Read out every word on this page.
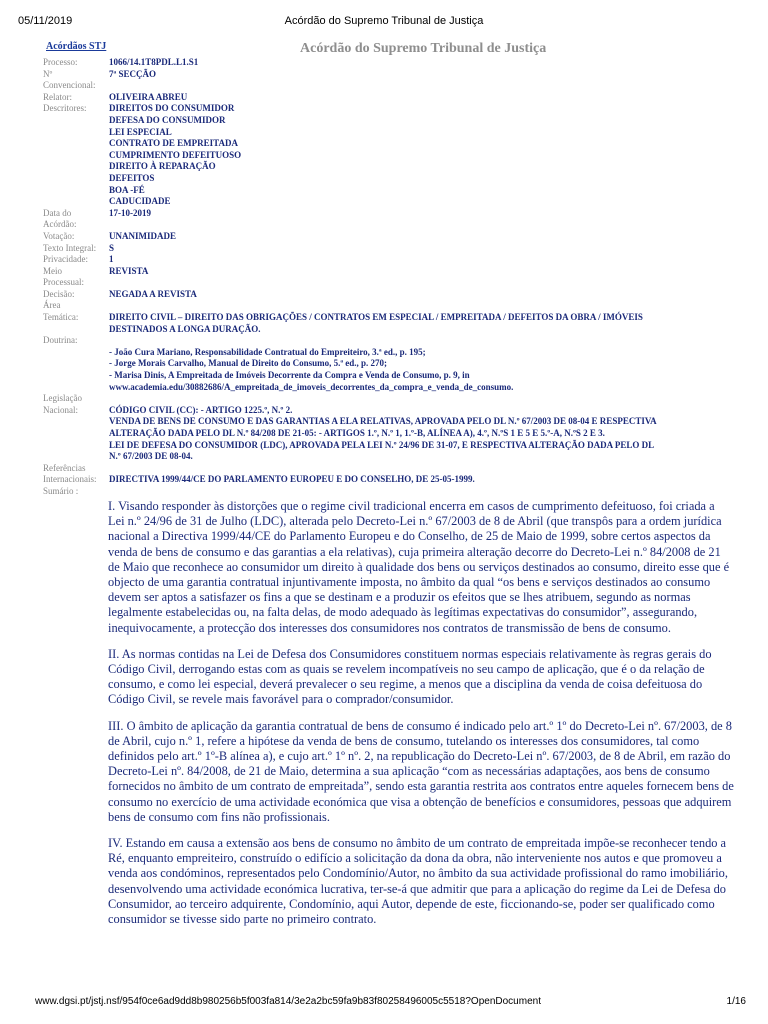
05/11/2019	Acórdão do Supremo Tribunal de Justiça
Acórdãos STJ	Acórdão do Supremo Tribunal de Justiça
Processo:	1066/14.1T8PDL.L1.S1
Nº	7ª SECÇÃO
Convencional:
Relator:	OLIVEIRA ABREU
Descritores:	DIREITOS DO CONSUMIDOR
DEFESA DO CONSUMIDOR
LEI ESPECIAL
CONTRATO DE EMPREITADA
CUMPRIMENTO DEFEITUOSO
DIREITO À REPARAÇÃO
DEFEITOS
BOA -FÉ
CADUCIDADE
Data do	17-10-2019
Acórdão:
Votação:	UNANIMIDADE
Texto Integral:	S
Privacidade:	1
Meio	REVISTA
Processual:
Decisão:	NEGADA A REVISTA
Área
Temática:	DIREITO CIVIL – DIREITO DAS OBRIGAÇÕES / CONTRATOS EM ESPECIAL / EMPREITADA / DEFEITOS DA OBRA / IMÓVEIS
DESTINADOS A LONGA DURAÇÃO.
Doutrina:

- João Cura Mariano, Responsabilidade Contratual do Empreiteiro, 3.ª ed., p. 195;
- Jorge Morais Carvalho, Manual de Direito do Consumo, 5.ª ed., p. 270;
- Marisa Dinis, A Empreitada de Imóveis Decorrente da Compra e Venda de Consumo, p. 9, in
www.academia.edu/30882686/A_empreitada_de_imoveis_decorrentes_da_compra_e_venda_de_consumo.
Legislação
Nacional:	CÓDIGO CIVIL (CC): - ARTIGO 1225.º, N.º 2.
VENDA DE BENS DE CONSUMO E DAS GARANTIAS A ELA RELATIVAS, APROVADA PELO DL N.º 67/2003 DE 08-04 E RESPECTIVA
ALTERAÇÃO DADA PELO DL N.º 84/208 DE 21-05: - ARTIGOS 1.º, N.º 1, 1.º-B, ALÍNEA A), 4.º, N.ºS 1 E 5 E 5.º-A, N.ºS 2 E 3.
LEI DE DEFESA DO CONSUMIDOR (LDC), APROVADA PELA LEI N.º 24/96 DE 31-07, E RESPECTIVA ALTERAÇÃO DADA PELO DL
N.º 67/2003 DE 08-04.
Referências
Internacionais:	DIRECTIVA 1999/44/CE DO PARLAMENTO EUROPEU E DO CONSELHO, DE 25-05-1999.
Sumário :

I. Visando responder às distorções que o regime civil tradicional encerra em casos de cumprimento defeituoso, foi criada a Lei n.º 24/96 de 31 de Julho (LDC), alterada pelo Decreto-Lei n.º 67/2003 de 8 de Abril (que transpôs para a ordem jurídica nacional a Directiva 1999/44/CE do Parlamento Europeu e do Conselho, de 25 de Maio de 1999, sobre certos aspectos da venda de bens de consumo e das garantias a ela relativas), cuja primeira alteração decorre do Decreto-Lei n.º 84/2008 de 21 de Maio que reconhece ao consumidor um direito à qualidade dos bens ou serviços destinados ao consumo, direito esse que é objecto de uma garantia contratual injuntivamente imposta, no âmbito da qual “os bens e serviços destinados ao consumo devem ser aptos a satisfazer os fins a que se destinam e a produzir os efeitos que se lhes atribuem, segundo as normas legalmente estabelecidas ou, na falta delas, de modo adequado às legítimas expectativas do consumidor”, assegurando, inequivocamente, a protecção dos interesses dos consumidores nos contratos de transmissão de bens de consumo.

II. As normas contidas na Lei de Defesa dos Consumidores constituem normas especiais relativamente às regras gerais do Código Civil, derrogando estas com as quais se revelem incompatíveis no seu campo de aplicação, que é o da relação de consumo, e como lei especial, deverá prevalecer o seu regime, a menos que a disciplina da venda de coisa defeituosa do Código Civil, se revele mais favorável para o comprador/consumidor.

III. O âmbito de aplicação da garantia contratual de bens de consumo é indicado pelo art.º 1º do Decreto-Lei nº. 67/2003, de 8 de Abril, cujo n.º 1, refere a hipótese da venda de bens de consumo, tutelando os interesses dos consumidores, tal como definidos pelo art.º 1º-B alínea a), e cujo art.º 1º nº. 2, na republicação do Decreto-Lei nº. 67/2003, de 8 de Abril, em razão do Decreto-Lei nº. 84/2008, de 21 de Maio, determina a sua aplicação “com as necessárias adaptações, aos bens de consumo fornecidos no âmbito de um contrato de empreitada”, sendo esta garantia restrita aos contratos entre aqueles fornecem bens de consumo no exercício de uma actividade económica que visa a obtenção de benefícios e consumidores, pessoas que adquirem bens de consumo com fins não profissionais.

IV. Estando em causa a extensão aos bens de consumo no âmbito de um contrato de empreitada impõe-se reconhecer tendo a Ré, enquanto empreiteiro, construído o edifício a solicitação da dona da obra, não interveniente nos autos e que promoveu a venda aos condóminos, representados pelo Condomínio/Autor, no âmbito da sua actividade profissional do ramo imobiliário, desenvolvendo uma actividade económica lucrativa, ter-se-á que admitir que para a aplicação do regime da Lei de Defesa do Consumidor, ao terceiro adquirente, Condomínio, aqui Autor, depende de este, ficcionando-se, poder ser qualificado como consumidor se tivesse sido parte no primeiro contrato.

www.dgsi.pt/jstj.nsf/954f0ce6ad9dd8b980256b5f003fa814/3e2a2bc59fa9b83f80258496005c5518?OpenDocument	1/16
